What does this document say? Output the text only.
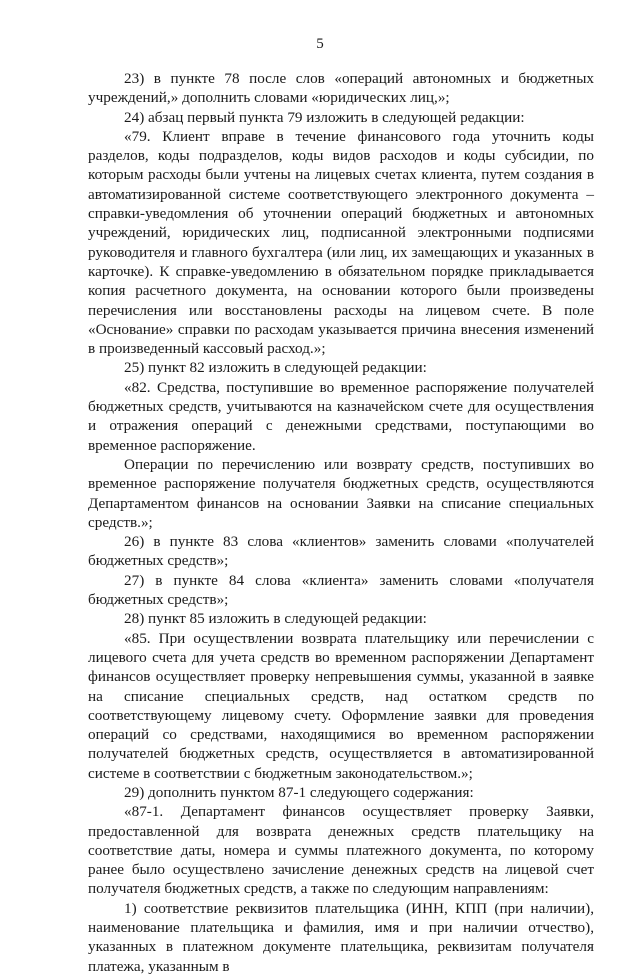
5

23) в пункте 78 после слов «операций автономных и бюджетных учреждений,» дополнить словами «юридических лиц,»;

24) абзац первый пункта 79 изложить в следующей редакции:

«79. Клиент вправе в течение финансового года уточнить коды разделов, коды подразделов, коды видов расходов и коды субсидии, по которым расходы были учтены на лицевых счетах клиента, путем создания в автоматизированной системе соответствующего электронного документа – справки-уведомления об уточнении операций бюджетных и автономных учреждений, юридических лиц, подписанной электронными подписями руководителя и главного бухгалтера (или лиц, их замещающих и указанных в карточке). К справке-уведомлению в обязательном порядке прикладывается копия расчетного документа, на основании которого были произведены перечисления или восстановлены расходы на лицевом счете. В поле «Основание» справки по расходам указывается причина внесения изменений в произведенный кассовый расход.»;

25) пункт 82 изложить в следующей редакции:

«82. Средства, поступившие во временное распоряжение получателей бюджетных средств, учитываются на казначейском счете для осуществления и отражения операций с денежными средствами, поступающими во временное распоряжение.

Операции по перечислению или возврату средств, поступивших во временное распоряжение получателя бюджетных средств, осуществляются Департаментом финансов на основании Заявки на списание специальных средств.»;

26) в пункте 83 слова «клиентов» заменить словами «получателей бюджетных средств»;

27) в пункте 84 слова «клиента» заменить словами «получателя бюджетных средств»;

28) пункт 85 изложить в следующей редакции:

«85. При осуществлении возврата плательщику или перечислении с лицевого счета для учета средств во временном распоряжении Департамент финансов осуществляет проверку непревышения суммы, указанной в заявке на списание специальных средств, над остатком средств по соответствующему лицевому счету. Оформление заявки для проведения операций со средствами, находящимися во временном распоряжении получателей бюджетных средств, осуществляется в автоматизированной системе в соответствии с бюджетным законодательством.»;

29) дополнить пунктом 87-1 следующего содержания:

«87-1. Департамент финансов осуществляет проверку Заявки, предоставленной для возврата денежных средств плательщику на соответствие даты, номера и суммы платежного документа, по которому ранее было осуществлено зачисление денежных средств на лицевой счет получателя бюджетных средств, а также по следующим направлениям:

1) соответствие реквизитов плательщика (ИНН, КПП (при наличии), наименование плательщика и фамилия, имя и при наличии отчество), указанных в платежном документе плательщика, реквизитам получателя платежа, указанным в
